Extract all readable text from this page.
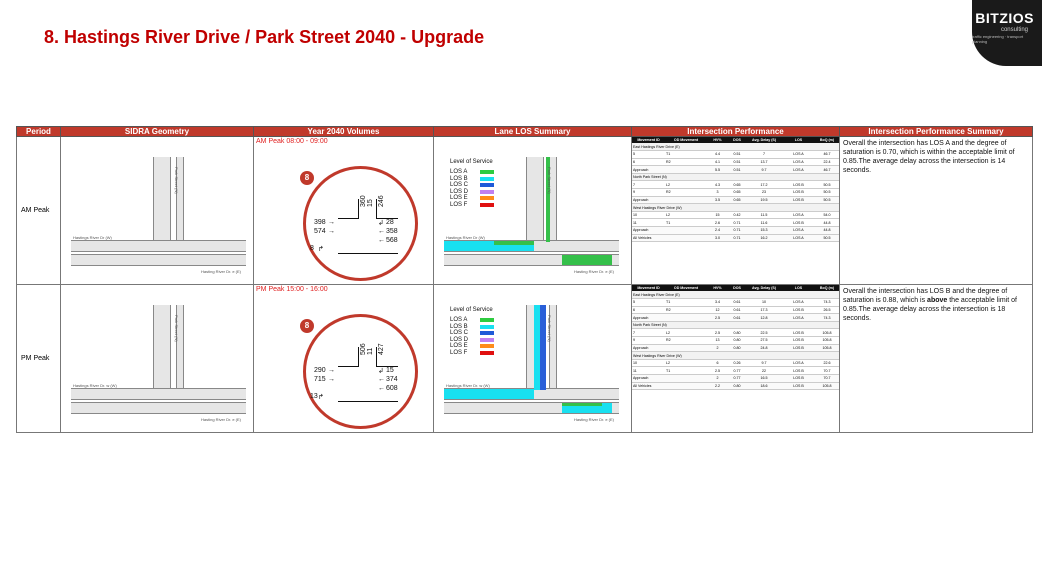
8. Hastings River Drive / Park Street 2040 - Upgrade
BITZIOS
consulting
traffic engineering · transport planning
Period	SIDRA Geometry	Year 2040 Volumes	Lane LOS Summary	Intersection Performance	Intersection Performance Summary
AM Peak	
Park Street (N)
Hastings River Dr (W)
Hasting River Dr. e (E)

AM Peak 08:00 - 09:00
8
360 15 246
398 →
574 →
↲ 28
← 358
← 568
8 ↱

Level of Service
LOS A
LOS B
LOS C
LOS D
LOS E
LOS F
Park Street (N)
Hastings River Dr (W)
Hasting River Dr. e (E)

Movement ID	OD Movement	HV%	DOS	Avg. Delay (S)	LOS	BoQ (m)
East Hastings River Drive (E)
5	T1	4.4	0.51	7	LOS A	46.7
6	R2	4.1	0.51	13.7	LOS A	22.4
Approach		5.5	0.51	9.7	LOS A	46.7
North Park Street (N)
7	L2	4.3	0.65	17.2	LOS B	50.5
9	R2	3	0.65	23	LOS B	50.5
Approach		3.5	0.65	19.5	LOS B	50.5
West Hastings River Drive (W)
10	L2	15	0.42	11.5	LOS A	54.0
11	T1	2.6	0.71	11.6	LOS B	44.8
Approach		2.4	0.71	15.3	LOS A	44.8
All Vehicles		3.0	0.71	16.2	LOS A	50.5

Overall the intersection has LOS A and the degree of saturation is 0.70, which is within the acceptable limit of 0.85.The average delay across the intersection is 14 seconds.

PM Peak	
Park Street (N)
Hastings River Dr. w (W)
Hasting River Dr. e (E)

PM Peak 15:00 - 16:00
8
506 11 427
290 →
715 →
↲ 15
← 374
← 608
13 ↱

Level of Service
LOS A
LOS B
LOS C
LOS D
LOS E
LOS F
Park Street (N)
Hastings River Dr. w (W)
Hasting River Dr. e (E)

Movement ID	OD Movement	HV%	DOS	Avg. Delay (S)	LOS	BoQ (m)
East Hastings River Drive (E)
5	T1	3.4	0.61	10	LOS A	74.3
6	R2	12	0.61	17.3	LOS B	26.5
Approach		2.5	0.61	12.8	LOS A	74.3
North Park Street (N)
7	L2	2.5	0.80	22.5	LOS B	105.8
9	R2	13	0.80	27.5	LOS B	105.8
Approach		2	0.80	24.8	LOS B	105.8
West Hastings River Drive (W)
10	L2	6	0.26	9.7	LOS A	22.6
11	T1	2.5	0.77	22	LOS B	70.7
Approach		2	0.77	16.5	LOS B	70.7
All Vehicles		2.2	0.80	18.6	LOS B	105.8

Overall the intersection has LOS B and the degree of saturation is 0.88, which is above the acceptable limit of 0.85.The average delay across the intersection is 18 seconds.
